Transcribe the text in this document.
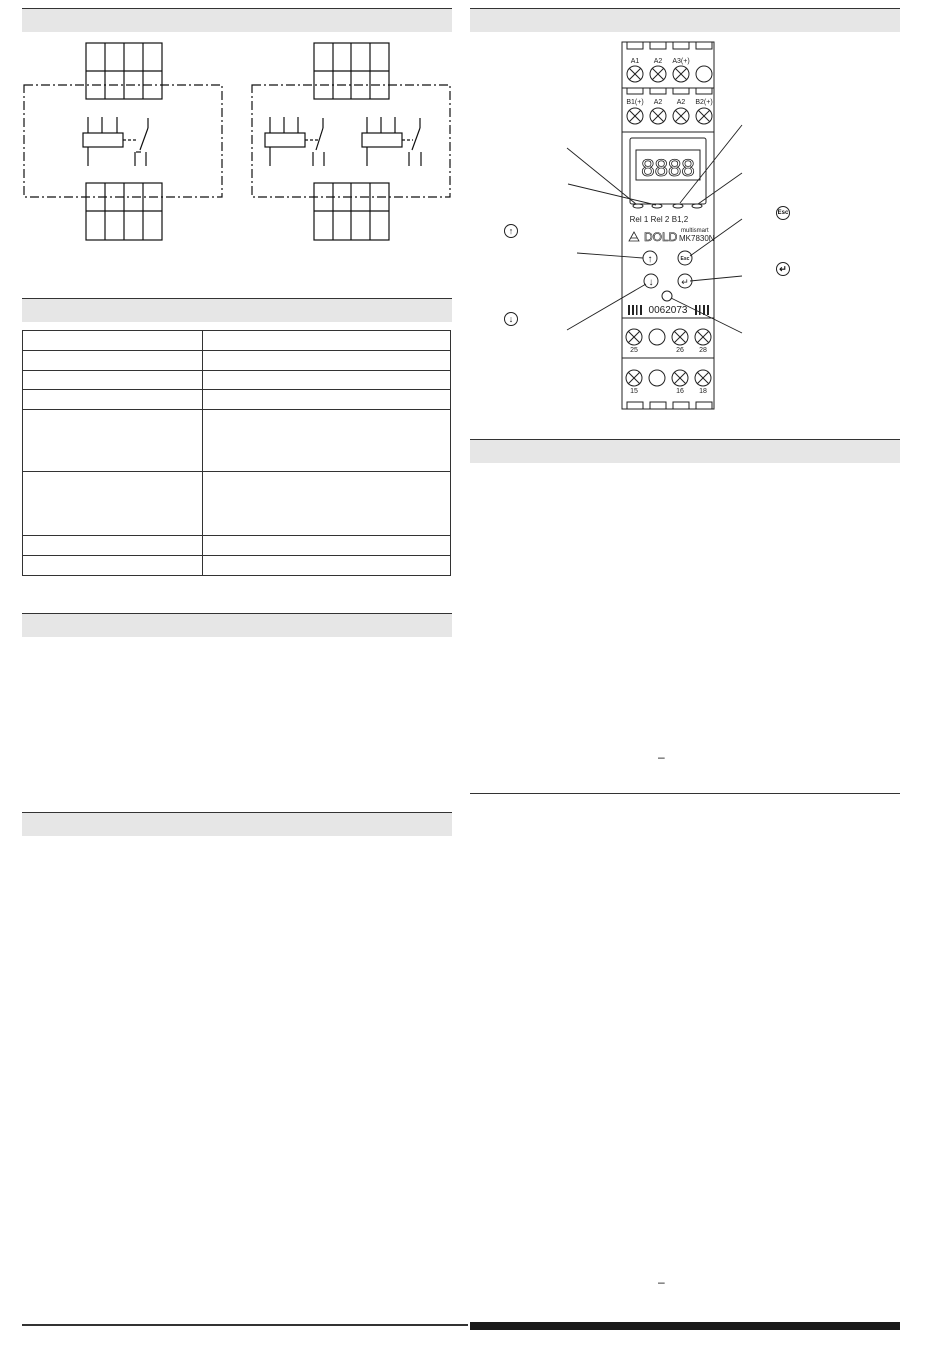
8888
A1 A2 A3(+)
B1(+) A2 A2 B2(+)
Rel 1 Rel 2 B1,2
25	26 28
15	16 18
DOLD multismart
MK7830N
0062073
↑
↓
Esc
↵
↑
↓
Esc
↵
–
–
